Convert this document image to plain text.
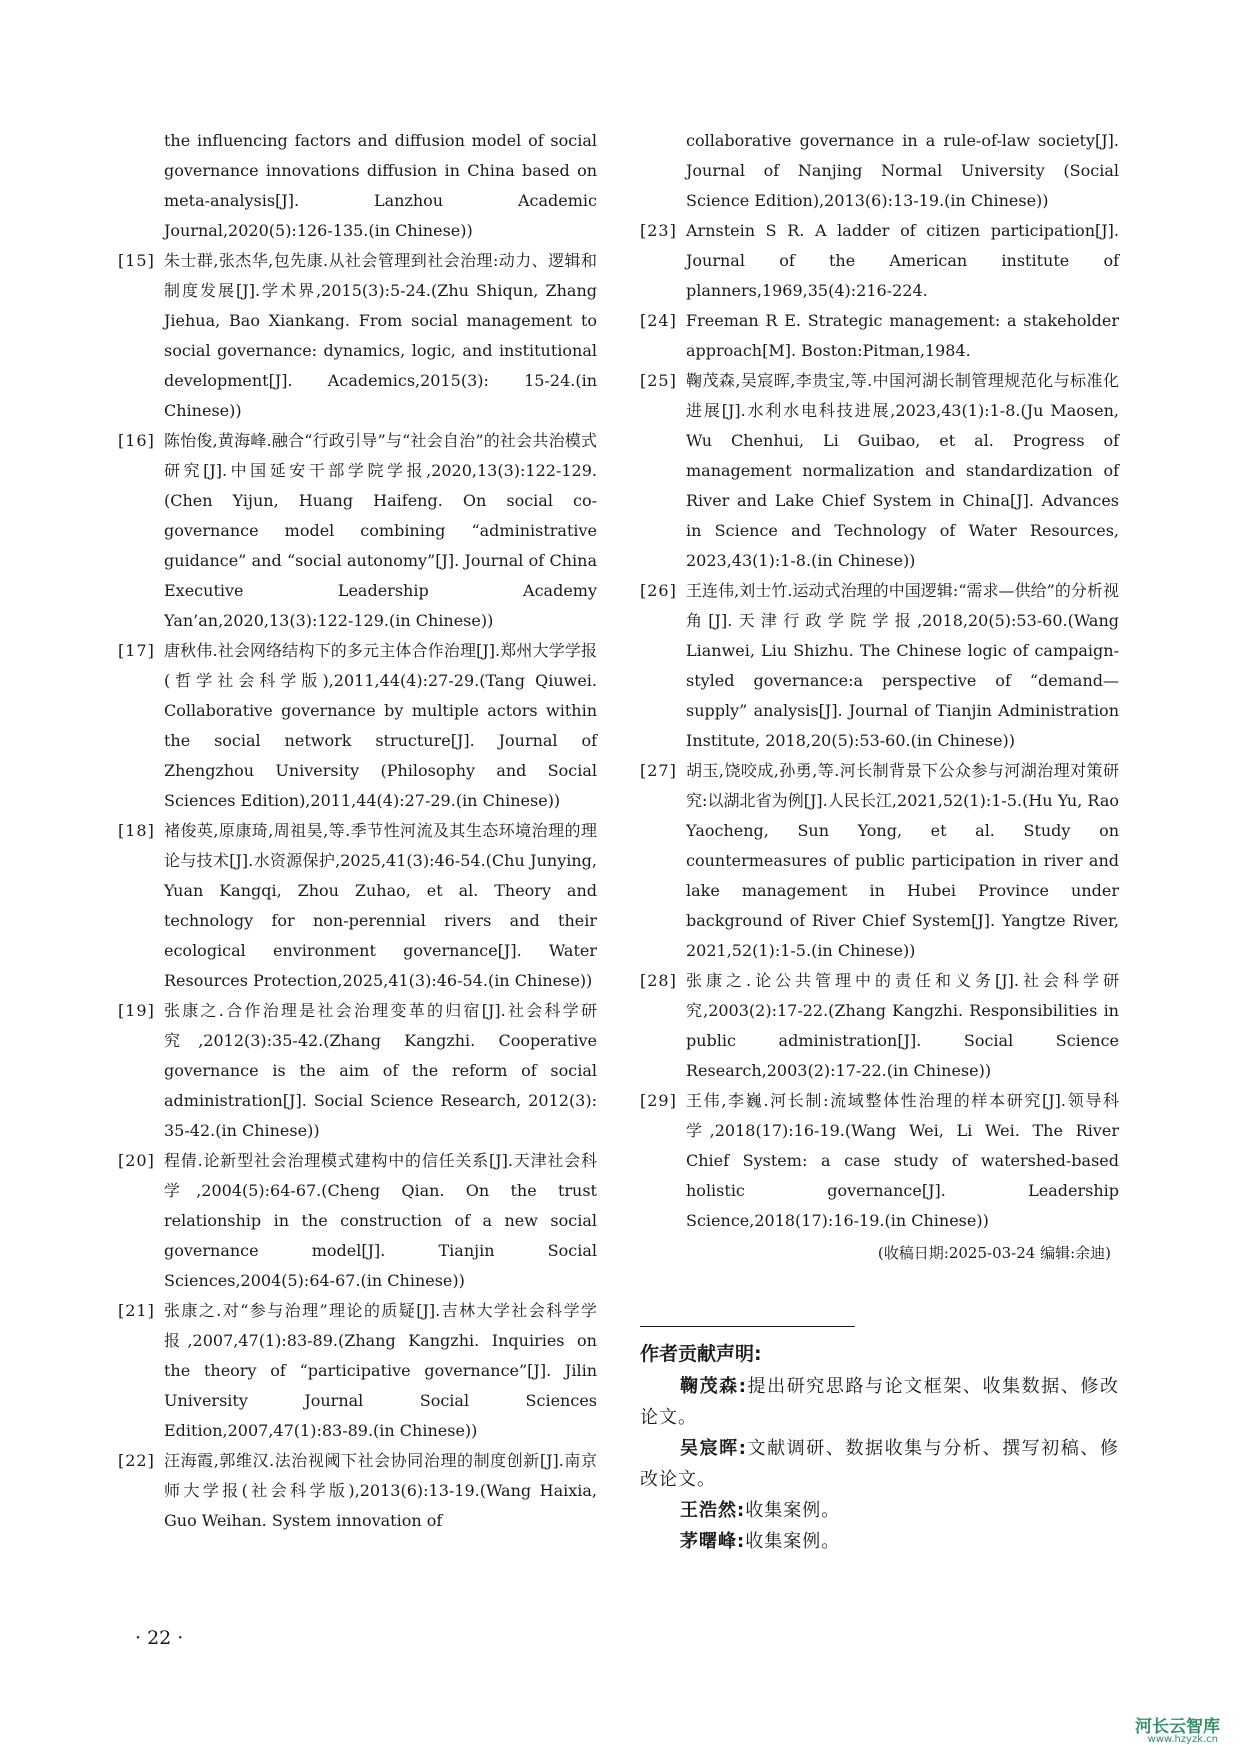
the influencing factors and diffusion model of social governance innovations diffusion in China based on meta-analysis[J]. Lanzhou Academic Journal,2020(5):126-135.(in Chinese))
[15] 朱士群,张杰华,包先康.从社会管理到社会治理:动力、逻辑和制度发展[J].学术界,2015(3):5-24.(Zhu Shiqun, Zhang Jiehua, Bao Xiankang. From social management to social governance: dynamics, logic, and institutional development[J]. Academics,2015(3): 15-24.(in Chinese))
[16] 陈怡俊,黄海峰.融合“行政引导”与“社会自治”的社会共治模式研究[J].中国延安干部学院学报,2020,13(3):122-129.(Chen Yijun, Huang Haifeng. On social co-governance model combining “administrative guidance” and “social autonomy”[J]. Journal of China Executive Leadership Academy Yan’an,2020,13(3):122-129.(in Chinese))
[17] 唐秋伟.社会网络结构下的多元主体合作治理[J].郑州大学学报(哲学社会科学版),2011,44(4):27-29.(Tang Qiuwei. Collaborative governance by multiple actors within the social network structure[J]. Journal of Zhengzhou University (Philosophy and Social Sciences Edition),2011,44(4):27-29.(in Chinese))
[18] 褚俊英,原康琦,周祖昊,等.季节性河流及其生态环境治理的理论与技术[J].水资源保护,2025,41(3):46-54.(Chu Junying, Yuan Kangqi, Zhou Zuhao, et al. Theory and technology for non-perennial rivers and their ecological environment governance[J]. Water Resources Protection,2025,41(3):46-54.(in Chinese))
[19] 张康之.合作治理是社会治理变革的归宿[J].社会科学研究,2012(3):35-42.(Zhang Kangzhi. Cooperative governance is the aim of the reform of social administration[J]. Social Science Research, 2012(3): 35-42.(in Chinese))
[20] 程倩.论新型社会治理模式建构中的信任关系[J].天津社会科学,2004(5):64-67.(Cheng Qian. On the trust relationship in the construction of a new social governance model[J]. Tianjin Social Sciences,2004(5):64-67.(in Chinese))
[21] 张康之.对“参与治理”理论的质疑[J].吉林大学社会科学学报,2007,47(1):83-89.(Zhang Kangzhi. Inquiries on the theory of “participative governance”[J]. Jilin University Journal Social Sciences Edition,2007,47(1):83-89.(in Chinese))
[22] 汪海霞,郭维汉.法治视阈下社会协同治理的制度创新[J].南京师大学报(社会科学版),2013(6):13-19.(Wang Haixia, Guo Weihan. System innovation of
collaborative governance in a rule-of-law society[J]. Journal of Nanjing Normal University (Social Science Edition),2013(6):13-19.(in Chinese))
[23] Arnstein S R. A ladder of citizen participation[J]. Journal of the American institute of planners,1969,35(4):216-224.
[24] Freeman R E. Strategic management: a stakeholder approach[M]. Boston:Pitman,1984.
[25] 鞠茂森,吴宸晖,李贵宝,等.中国河湖长制管理规范化与标准化进展[J].水利水电科技进展,2023,43(1):1-8.(Ju Maosen, Wu Chenhui, Li Guibao, et al. Progress of management normalization and standardization of River and Lake Chief System in China[J]. Advances in Science and Technology of Water Resources, 2023,43(1):1-8.(in Chinese))
[26] 王连伟,刘士竹.运动式治理的中国逻辑:“需求—供给”的分析视角[J].天津行政学院学报,2018,20(5):53-60.(Wang Lianwei, Liu Shizhu. The Chinese logic of campaign-styled governance:a perspective of “demand—supply” analysis[J]. Journal of Tianjin Administration Institute, 2018,20(5):53-60.(in Chinese))
[27] 胡玉,饶咬成,孙勇,等.河长制背景下公众参与河湖治理对策研究:以湖北省为例[J].人民长江,2021,52(1):1-5.(Hu Yu, Rao Yaocheng, Sun Yong, et al. Study on countermeasures of public participation in river and lake management in Hubei Province under background of River Chief System[J]. Yangtze River, 2021,52(1):1-5.(in Chinese))
[28] 张康之.论公共管理中的责任和义务[J].社会科学研究,2003(2):17-22.(Zhang Kangzhi. Responsibilities in public administration[J]. Social Science Research,2003(2):17-22.(in Chinese))
[29] 王伟,李巍.河长制:流域整体性治理的样本研究[J].领导科学,2018(17):16-19.(Wang Wei, Li Wei. The River Chief System: a case study of watershed-based holistic governance[J]. Leadership Science,2018(17):16-19.(in Chinese))
(收稿日期:2025-03-24 编辑:余迪)
作者贡献声明:
鞠茂森:提出研究思路与论文框架、收集数据、修改论文。
吴宸晖:文献调研、数据收集与分析、撰写初稿、修改论文。
王浩然:收集案例。
茅曙峰:收集案例。
· 22 ·
河长云智库
www.hzyzk.cn
